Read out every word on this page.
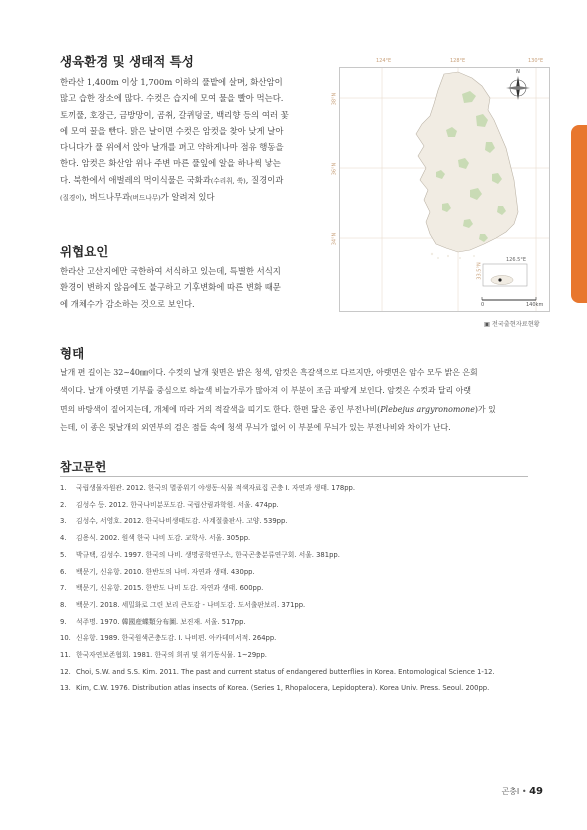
생육환경 및 생태적 특성
한라산 1,400m 이상 1,700m 이하의 풀밭에 살며, 화산암이
많고 습한 장소에 많다. 수컷은 습지에 모여 물을 빨아 먹는다.
토끼풀, 호장근, 금방망이, 곰취, 갈퀴덩굴, 백리향 등의 여러 꽃
에 모여 꿀을 빤다. 맑은 날이면 수컷은 암컷을 찾아 낮게 날아
다니다가 풀 위에서 앉아 날개를 펴고 약하게나마 점유 행동을
한다. 암컷은 화산암 위나 주변 마른 풀잎에 알을 하나씩 낳는
다. 북한에서 애벌레의 먹이식물은 국화과(수리취, 쑥), 질경이과
(질경이), 버드나무과(버드나무)가 알려져 있다
위협요인
한라산 고산지에만 국한하여 서식하고 있는데, 특별한 서식지
환경이 변하지 않음에도 불구하고 기후변화에 따른 변화 때문
에 개체수가 감소하는 것으로 보인다.
N
124°E	128°E	130°E
38°N
36°N
34°N
33.5°N
126.5°E
0	140km
▣ 전국출현자료현황
형태
날개 편 길이는 32~40㎜이다. 수컷의 날개 윗면은 밝은 청색, 암컷은 흑갈색으로 다르지만, 아랫면은 암수 모두 밝은 은회
색이다. 날개 아랫면 기부를 중심으로 하늘색 비늘가루가 많아져 이 부분이 조금 파랗게 보인다. 암컷은 수컷과 달리 아랫
면의 바탕색이 짙어지는데, 개체에 따라 거의 적갈색을 띠기도 한다. 한편 닮은 종인 부전나비(Plebejus argyronomone)가 있
는데, 이 종은 뒷날개의 외연부의 검은 점들 속에 청색 무늬가 없어 이 부분에 무늬가 있는 부전나비와 차이가 난다.
참고문헌
1. 국립생물자원관. 2012. 한국의 멸종위기 야생동·식물 적색자료집 곤충 I. 자연과 생태. 178pp.
2. 김성수 등. 2012. 한국나비분포도감. 국립산림과학원. 서울. 474pp.
3. 김성수, 서영호. 2012. 한국나비생태도감. 사계절출판사. 고양. 539pp.
4. 김용식. 2002. 원색 한국 나비 도감. 교학사. 서울. 305pp.
5. 박규택, 김성수. 1997. 한국의 나비. 생명공학연구소, 한국곤충분류연구회. 서울. 381pp.
6. 백문기, 신유항. 2010. 한반도의 나비. 자연과 생태. 430pp.
7. 백문기, 신유항. 2015. 한반도 나비 도감. 자연과 생태. 600pp.
8. 백문기. 2018. 세밀화로 그린 보리 큰도감 - 나비도감. 도서출판보리. 371pp.
9. 석주명. 1970. 韓國産蝶類分布圖. 보진재. 서울. 517pp.
10. 신유항. 1989. 한국원색곤충도감. I. 나비편. 아카데미서적. 264pp.
11. 한국자연보존협회. 1981. 한국의 희귀 및 위기동식물. 1~29pp.
12. Choi, S.W. and S.S. Kim. 2011. The past and current status of endangered butterflies in Korea. Entomological Science 1-12.
13. Kim, C.W. 1976. Distribution atlas insects of Korea. (Series 1, Rhopalocera, Lepidoptera). Korea Univ. Press. Seoul. 200pp.
곤충Ⅰ • 49
